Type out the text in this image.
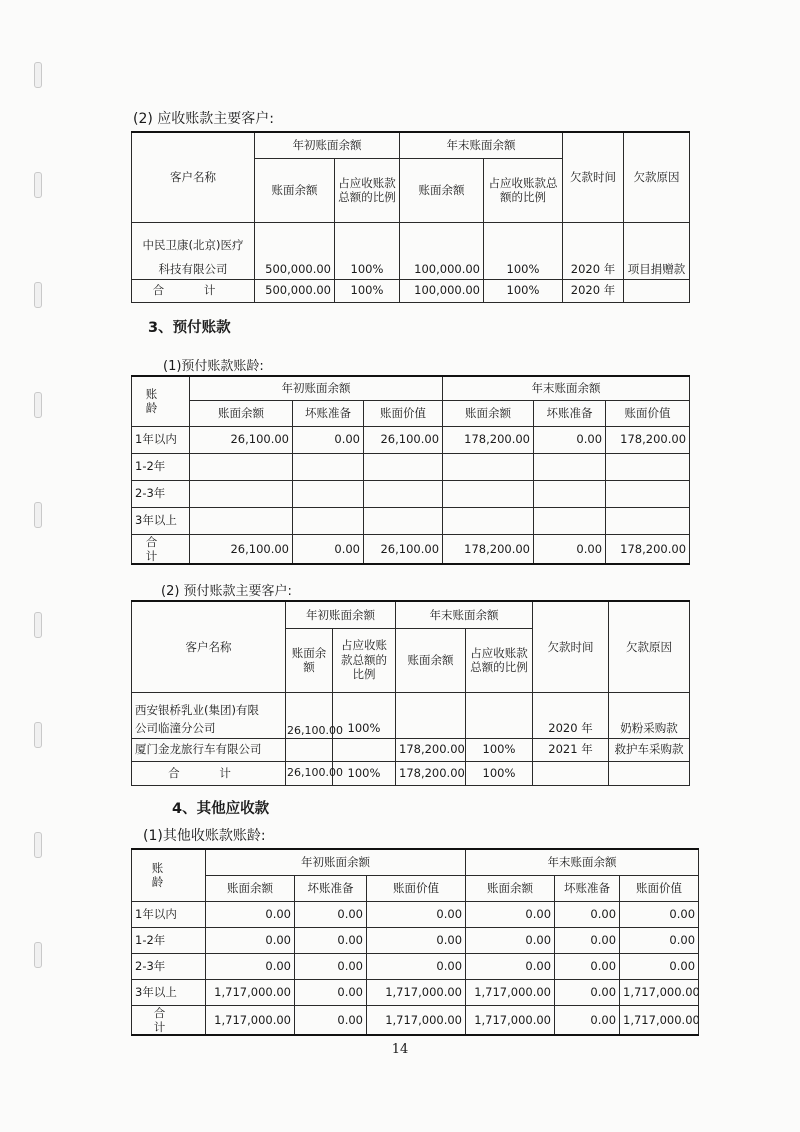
(2) 应收账款主要客户:
客户名称	年初账面余额		年末账面余额		欠款时间	欠款原因
	账面余额	占应收账款总额的比例	账面余额	占应收账款总额的比例		

中民卫康(北京)医疗
科技有限公司	500,000.00	100%	100,000.00	100%	2020 年	项目捐赠款
合 计	500,000.00	100%	100,000.00	100%	2020 年	
3、预付账款
(1)预付账款账龄:
账 龄	年初账面余额			年末账面余额		
	账面余额	坏账准备	账面价值	账面余额	坏账准备	账面价值
1年以内	26,100.00	0.00	26,100.00	178,200.00	0.00	178,200.00
1-2年						
2-3年						
3年以上						
合 计	26,100.00	0.00	26,100.00	178,200.00	0.00	178,200.00
(2) 预付账款主要客户:
客户名称	年初账面余额		年末账面余额		欠款时间	欠款原因
	账面余额	占应收账款总额的比例	账面余额	占应收账款总额的比例		

西安银桥乳业(集团)有限
公司临潼分公司	26,100.00	100%			2020 年	奶粉采购款
厦门金龙旅行车有限公司			178,200.00	100%	2021 年	救护车采购款
合 计	26,100.00	100%	178,200.00	100%		
4、其他应收款
(1)其他收账款账龄:
账 龄	年初账面余额			年末账面余额		
	账面余额	坏账准备	账面价值	账面余额	坏账准备	账面价值
1年以内	0.00	0.00	0.00	0.00	0.00	0.00
1-2年	0.00	0.00	0.00	0.00	0.00	0.00
2-3年	0.00	0.00	0.00	0.00	0.00	0.00
3年以上	1,717,000.00	0.00	1,717,000.00	1,717,000.00	0.00	1,717,000.00
合 计	1,717,000.00	0.00	1,717,000.00	1,717,000.00	0.00	1,717,000.00
14
